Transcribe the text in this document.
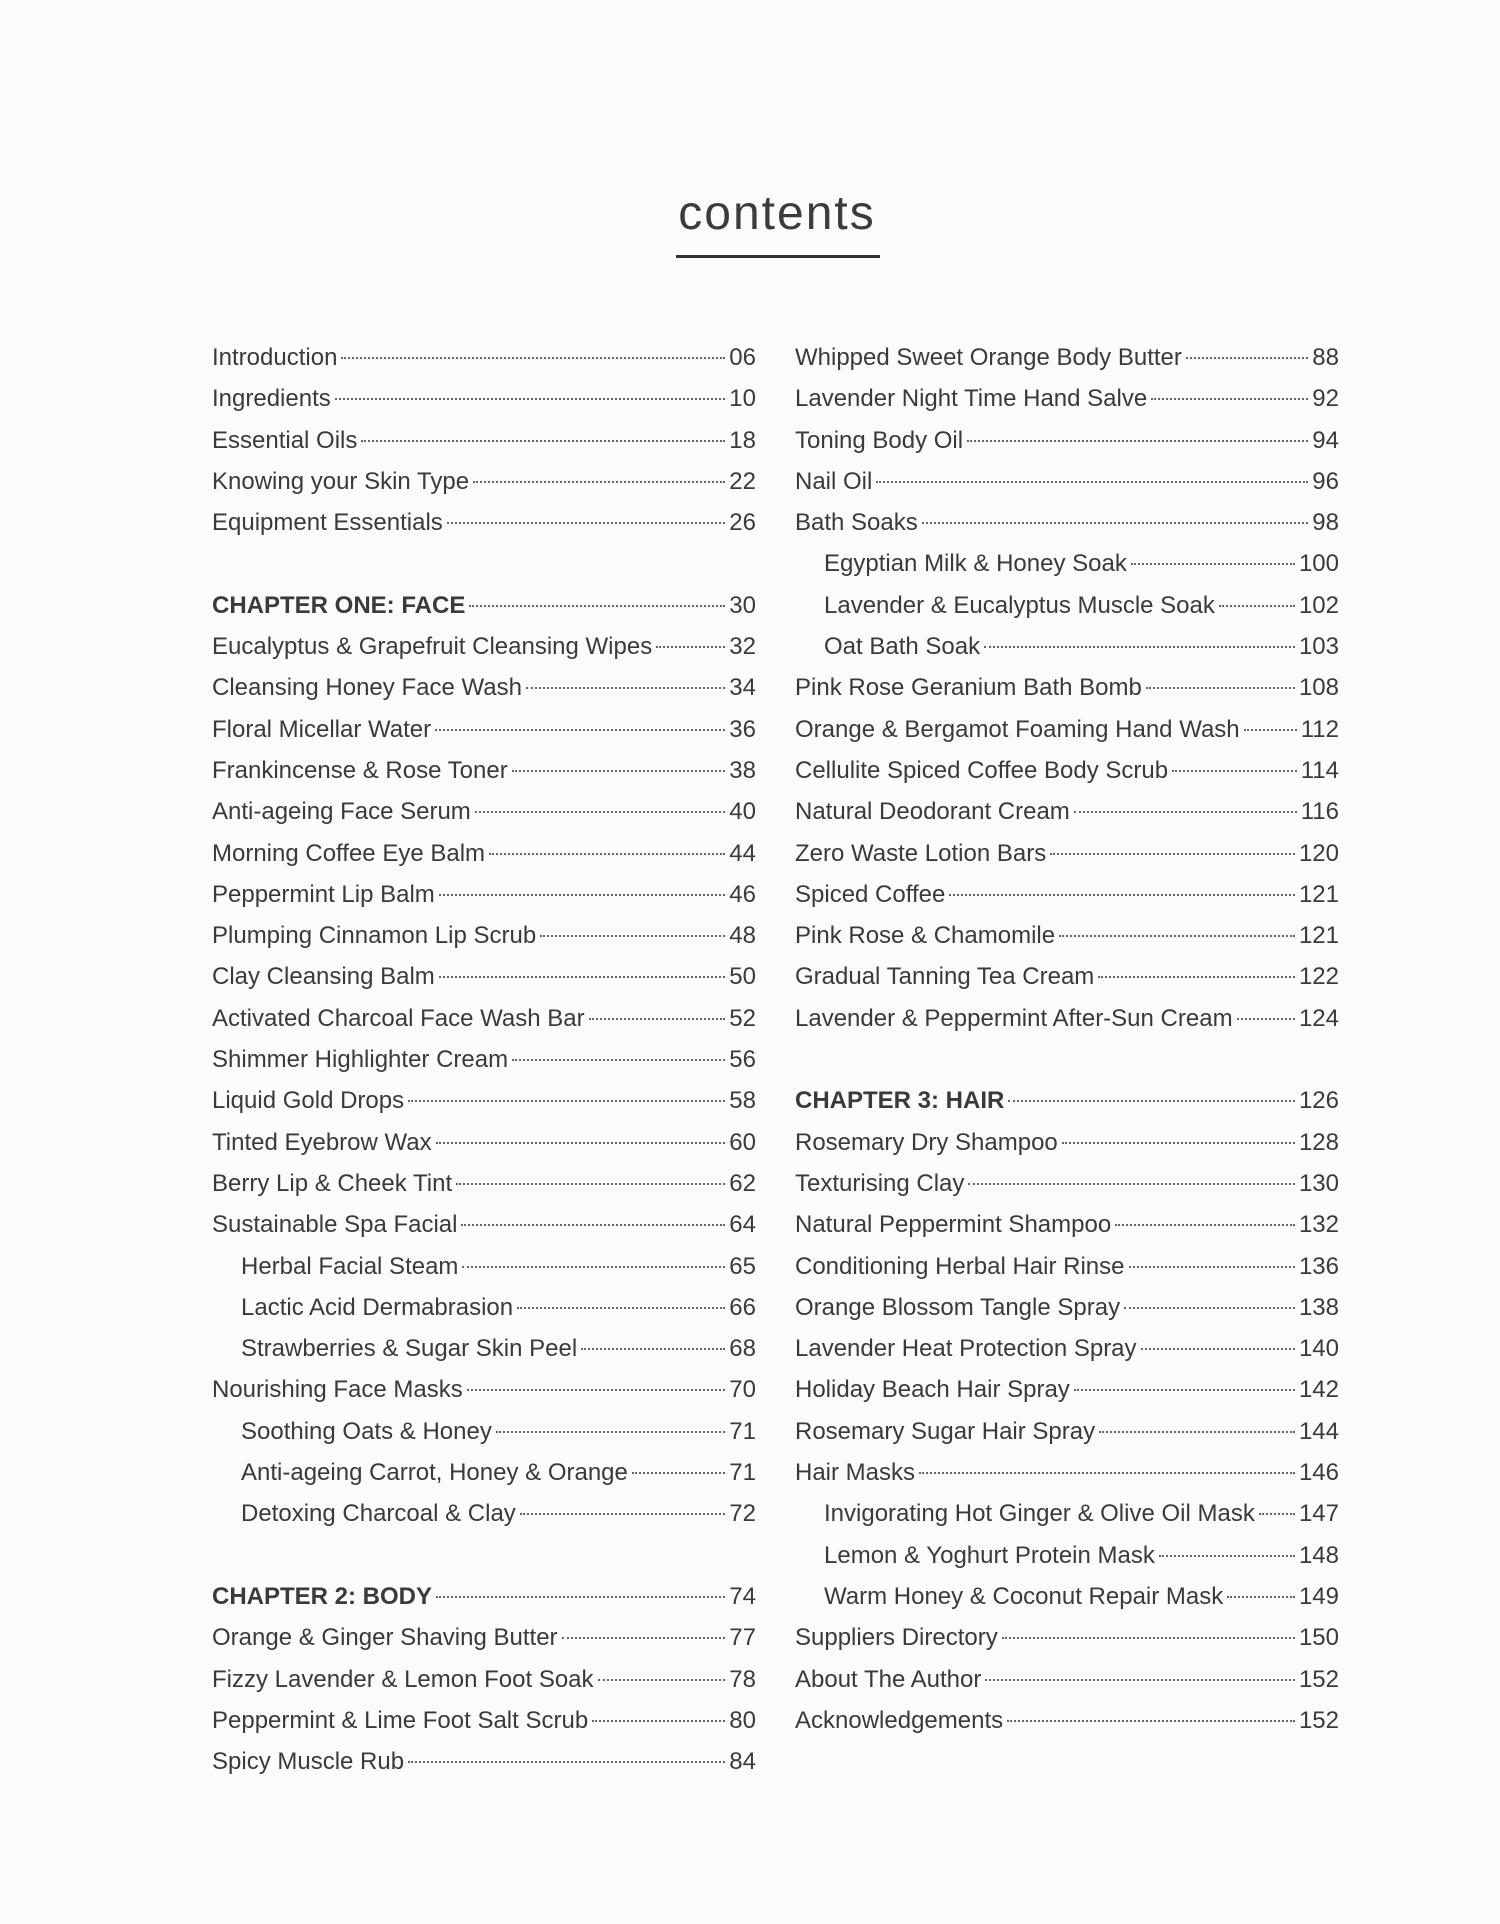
contents
Introduction	06
Ingredients	10
Essential Oils	18
Knowing your Skin Type	22
Equipment Essentials	26
CHAPTER ONE: FACE	30
Eucalyptus & Grapefruit Cleansing Wipes	32
Cleansing Honey Face Wash	34
Floral Micellar Water	36
Frankincense & Rose Toner	38
Anti-ageing Face Serum	40
Morning Coffee Eye Balm	44
Peppermint Lip Balm	46
Plumping Cinnamon Lip Scrub	48
Clay Cleansing Balm	50
Activated Charcoal Face Wash Bar	52
Shimmer Highlighter Cream	56
Liquid Gold Drops	58
Tinted Eyebrow Wax	60
Berry Lip & Cheek Tint	62
Sustainable Spa Facial	64
Herbal Facial Steam	65
Lactic Acid Dermabrasion	66
Strawberries & Sugar Skin Peel	68
Nourishing Face Masks	70
Soothing Oats & Honey	71
Anti-ageing Carrot, Honey & Orange	71
Detoxing Charcoal & Clay	72
CHAPTER 2: BODY	74
Orange & Ginger Shaving Butter	77
Fizzy Lavender & Lemon Foot Soak	78
Peppermint & Lime Foot Salt Scrub	80
Spicy Muscle Rub	84
Whipped Sweet Orange Body Butter	88
Lavender Night Time Hand Salve	92
Toning Body Oil	94
Nail Oil	96
Bath Soaks	98
Egyptian Milk & Honey Soak	100
Lavender & Eucalyptus Muscle Soak	102
Oat Bath Soak	103
Pink Rose Geranium Bath Bomb	108
Orange & Bergamot Foaming Hand Wash	112
Cellulite Spiced Coffee Body Scrub	114
Natural Deodorant Cream	116
Zero Waste Lotion Bars	120
Spiced Coffee	121
Pink Rose & Chamomile	121
Gradual Tanning Tea Cream	122
Lavender & Peppermint After-Sun Cream	124
CHAPTER 3: HAIR	126
Rosemary Dry Shampoo	128
Texturising Clay	130
Natural Peppermint Shampoo	132
Conditioning Herbal Hair Rinse	136
Orange Blossom Tangle Spray	138
Lavender Heat Protection Spray	140
Holiday Beach Hair Spray	142
Rosemary Sugar Hair Spray	144
Hair Masks	146
Invigorating Hot Ginger & Olive Oil Mask 147
Lemon & Yoghurt Protein Mask	148
Warm Honey & Coconut Repair Mask	149
Suppliers Directory	150
About The Author	152
Acknowledgements	152
